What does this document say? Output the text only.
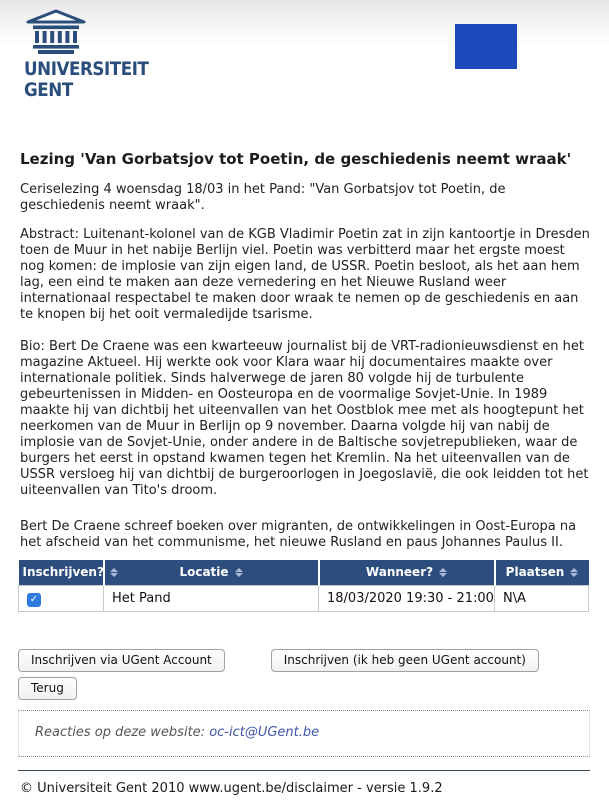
UNIVERSITEIT
GENT
Lezing 'Van Gorbatsjov tot Poetin, de geschiedenis neemt wraak'

Ceriselezing 4 woensdag 18/03 in het Pand: "Van Gorbatsjov tot Poetin, de geschiedenis neemt wraak".

Abstract: Luitenant-kolonel van de KGB Vladimir Poetin zat in zijn kantoortje in Dresden toen de Muur in het nabije Berlijn viel. Poetin was verbitterd maar het ergste moest nog komen: de implosie van zijn eigen land, de USSR. Poetin besloot, als het aan hem lag, een eind te maken aan deze vernedering en het Nieuwe Rusland weer internationaal respectabel te maken door wraak te nemen op de geschiedenis en aan te knopen bij het ooit vermaledijde tsarisme.

Bio: Bert De Craene was een kwarteeuw journalist bij de VRT-radionieuwsdienst en het magazine Aktueel. Hij werkte ook voor Klara waar hij documentaires maakte over internationale politiek. Sinds halverwege de jaren 80 volgde hij de turbulente gebeurtenissen in Midden- en Oosteuropa en de voormalige Sovjet-Unie. In 1989 maakte hij van dichtbij het uiteenvallen van het Oostblok mee met als hoogtepunt het neerkomen van de Muur in Berlijn op 9 november. Daarna volgde hij van nabij de implosie van de Sovjet-Unie, onder andere in de Baltische sovjetrepublieken, waar de burgers het eerst in opstand kwamen tegen het Kremlin. Na het uiteenvallen van de USSR versloeg hij van dichtbij de burgeroorlogen in Joegoslavië, die ook leidden tot het uiteenvallen van Tito's droom.

Bert De Craene schreef boeken over migranten, de ontwikkelingen in Oost-Europa na het afscheid van het communisme, het nieuwe Rusland en paus Johannes Paulus II.

Inschrijven?	Locatie	Wanneer?	Plaatsen

✓	Het Pand	18/03/2020 19:30 - 21:00	N\A
Inschrijven via UGent Account	Inschrijven (ik heb geen UGent account)
Terug
Reacties op deze website: oc-ict@UGent.be
© Universiteit Gent 2010 www.ugent.be/disclaimer - versie 1.9.2
